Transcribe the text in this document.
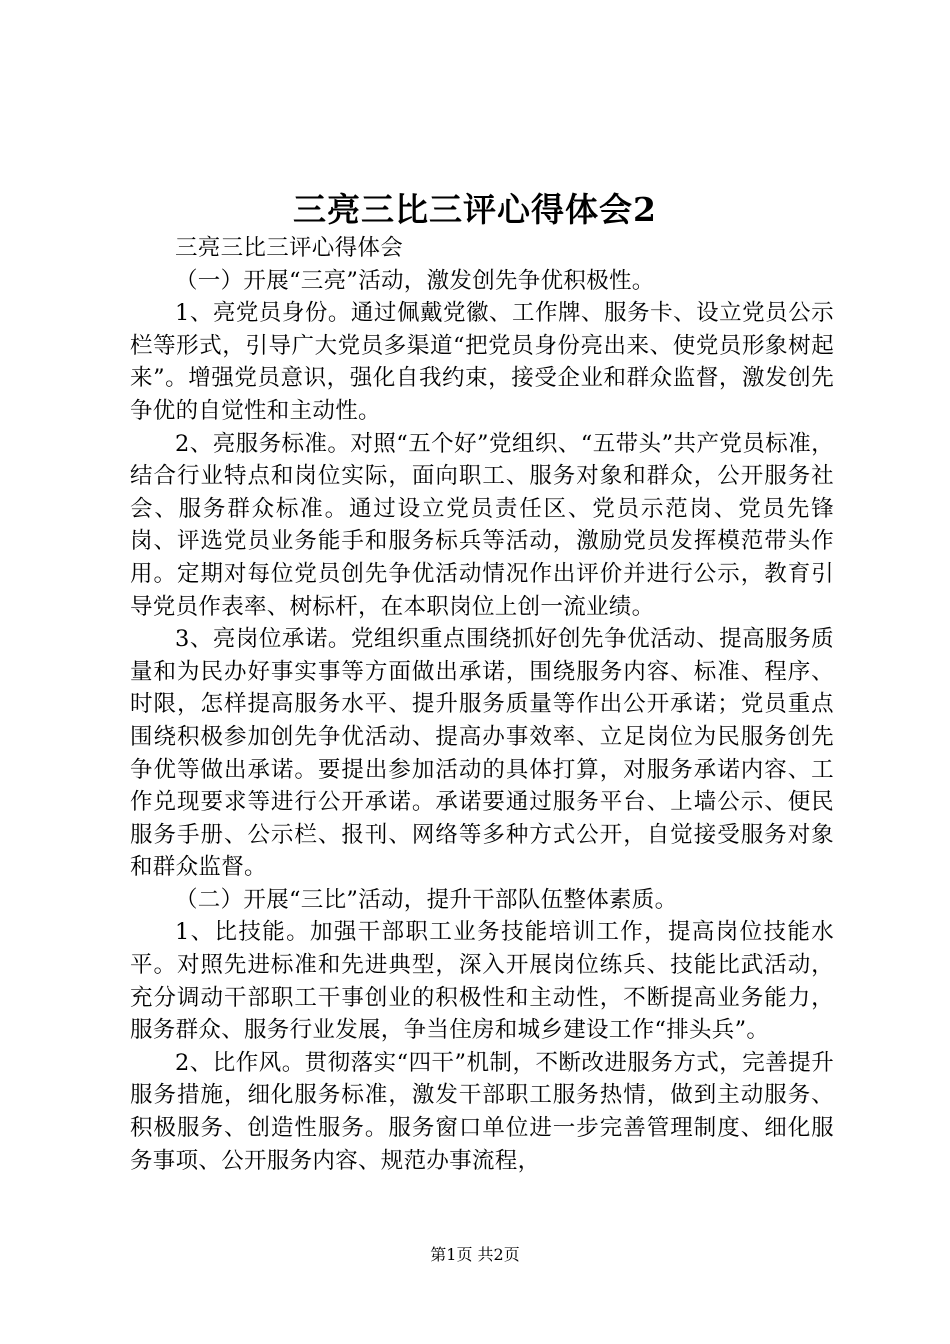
三亮三比三评心得体会2

三亮三比三评心得体会

（一）开展“三亮”活动，激发创先争优积极性。

1、亮党员身份。通过佩戴党徽、工作牌、服务卡、设立党员公示栏等形式，引导广大党员多渠道“把党员身份亮出来、使党员形象树起来”。增强党员意识，强化自我约束，接受企业和群众监督，激发创先争优的自觉性和主动性。

2、亮服务标准。对照“五个好”党组织、“五带头”共产党员标准，结合行业特点和岗位实际，面向职工、服务对象和群众，公开服务社会、服务群众标准。通过设立党员责任区、党员示范岗、党员先锋岗、评选党员业务能手和服务标兵等活动，激励党员发挥模范带头作用。定期对每位党员创先争优活动情况作出评价并进行公示，教育引导党员作表率、树标杆，在本职岗位上创一流业绩。

3、亮岗位承诺。党组织重点围绕抓好创先争优活动、提高服务质量和为民办好事实事等方面做出承诺，围绕服务内容、标准、程序、时限，怎样提高服务水平、提升服务质量等作出公开承诺；党员重点围绕积极参加创先争优活动、提高办事效率、立足岗位为民服务创先争优等做出承诺。要提出参加活动的具体打算，对服务承诺内容、工作兑现要求等进行公开承诺。承诺要通过服务平台、上墙公示、便民服务手册、公示栏、报刊、网络等多种方式公开，自觉接受服务对象和群众监督。

（二）开展“三比”活动，提升干部队伍整体素质。

1、比技能。加强干部职工业务技能培训工作，提高岗位技能水平。对照先进标准和先进典型，深入开展岗位练兵、技能比武活动，充分调动干部职工干事创业的积极性和主动性，不断提高业务能力，服务群众、服务行业发展，争当住房和城乡建设工作“排头兵”。

2、比作风。贯彻落实“四干”机制，不断改进服务方式，完善提升服务措施，细化服务标准，激发干部职工服务热情，做到主动服务、积极服务、创造性服务。服务窗口单位进一步完善管理制度、细化服务事项、公开服务内容、规范办事流程，

第1页 共2页
